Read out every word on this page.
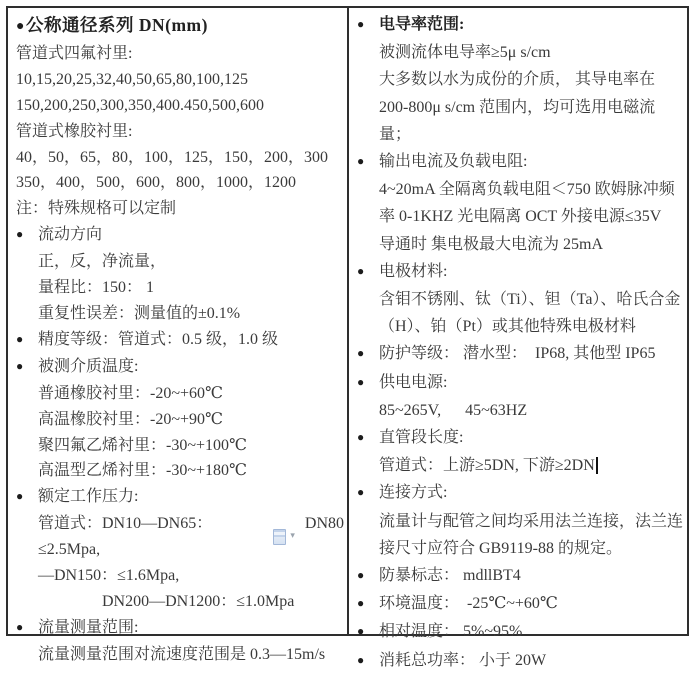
● 公称通径系列 DN(mm)
管道式四氟衬里:
10,15,20,25,32,40,50,65,80,100,125
150,200,250,300,350,400.450,500,600
管道式橡胶衬里:
40，50，65，80，100，125，150，200，300
350，400，500，600，800，1000，1200
注：特殊规格可以定制
● 流动方向
正，反，净流量，
量程比：150： 1
重复性误差：测量值的±0.1%
● 精度等级：管道式：0.5 级，1.0 级
● 被测介质温度:
普通橡胶衬里：-20~+60℃
高温橡胶衬里：-20~+90℃
聚四氟乙烯衬里：-30~+100℃
高温型乙烯衬里：-30~+180℃
● 额定工作压力:
管道式：DN10—DN65：≤2.5Mpa,
▾
DN80
—DN150：≤1.6Mpa,
DN200—DN1200：≤1.0Mpa
● 流量测量范围:
流量测量范围对流速度范围是 0.3—15m/s
● 电导率范围:
被测流体电导率≥5μ s/cm
大多数以水为成份的介质， 其导电率在
200-800μ s/cm 范围内，均可选用电磁流量；
● 输出电流及负载电阻:
4~20mA 全隔离负载电阻＜750 欧姆脉冲频
率 0-1KHZ 光电隔离 OCT 外接电源≤35V
导通时 集电极最大电流为 25mA
● 电极材料:
含钼不锈刚、钛（Ti）、钽（Ta）、哈氏合金
（H）、铂（Pt）或其他特殊电极材料
● 防护等级： 潜水型：  IP68, 其他型 IP65
● 供电电源:
85~265V,      45~63HZ
● 直管段长度:
管道式：上游≥5DN, 下游≥2DN
● 连接方式:
流量计与配管之间均采用法兰连接，法兰连
接尺寸应符合 GB9119-88 的规定。
● 防暴标志： mdllBT4
● 环境温度：  -25℃~+60℃
● 相对温度： 5%~95%
● 消耗总功率： 小于 20W
